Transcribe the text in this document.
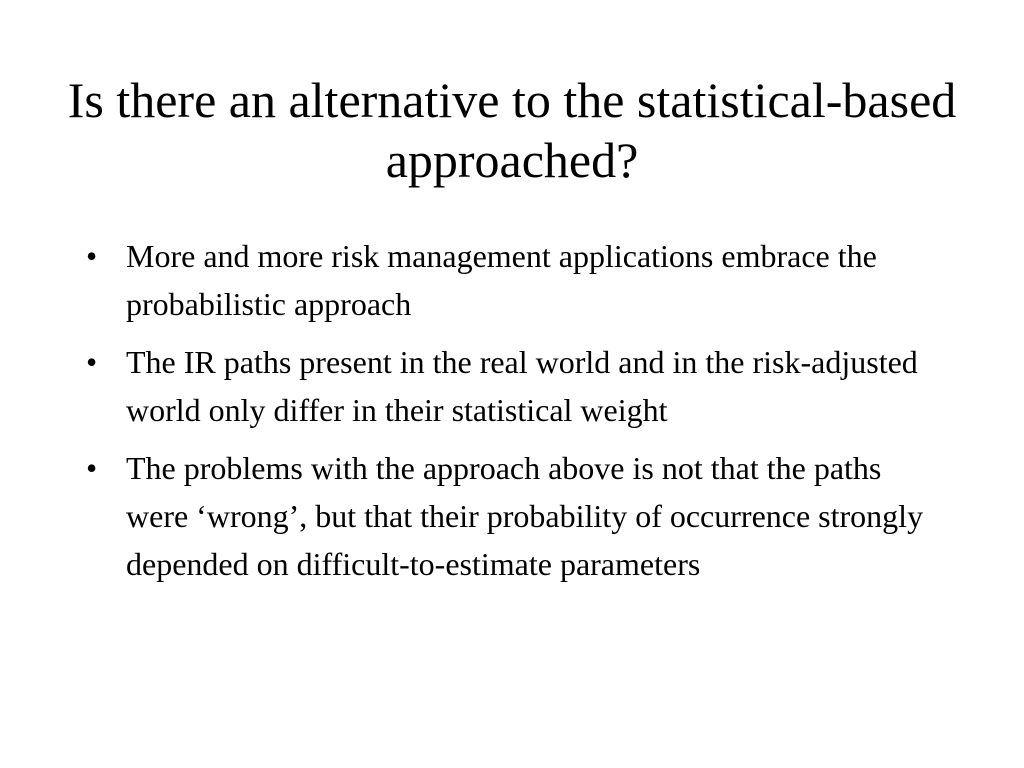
Is there an alternative to the statistical-based approached?
• More and more risk management applications embrace the probabilistic approach
• The IR paths present in the real world and in the risk-adjusted world only differ in their statistical weight
• The problems with the approach above is not that the paths were ‘wrong’, but that their probability of occurrence strongly depended on difficult-to-estimate parameters
